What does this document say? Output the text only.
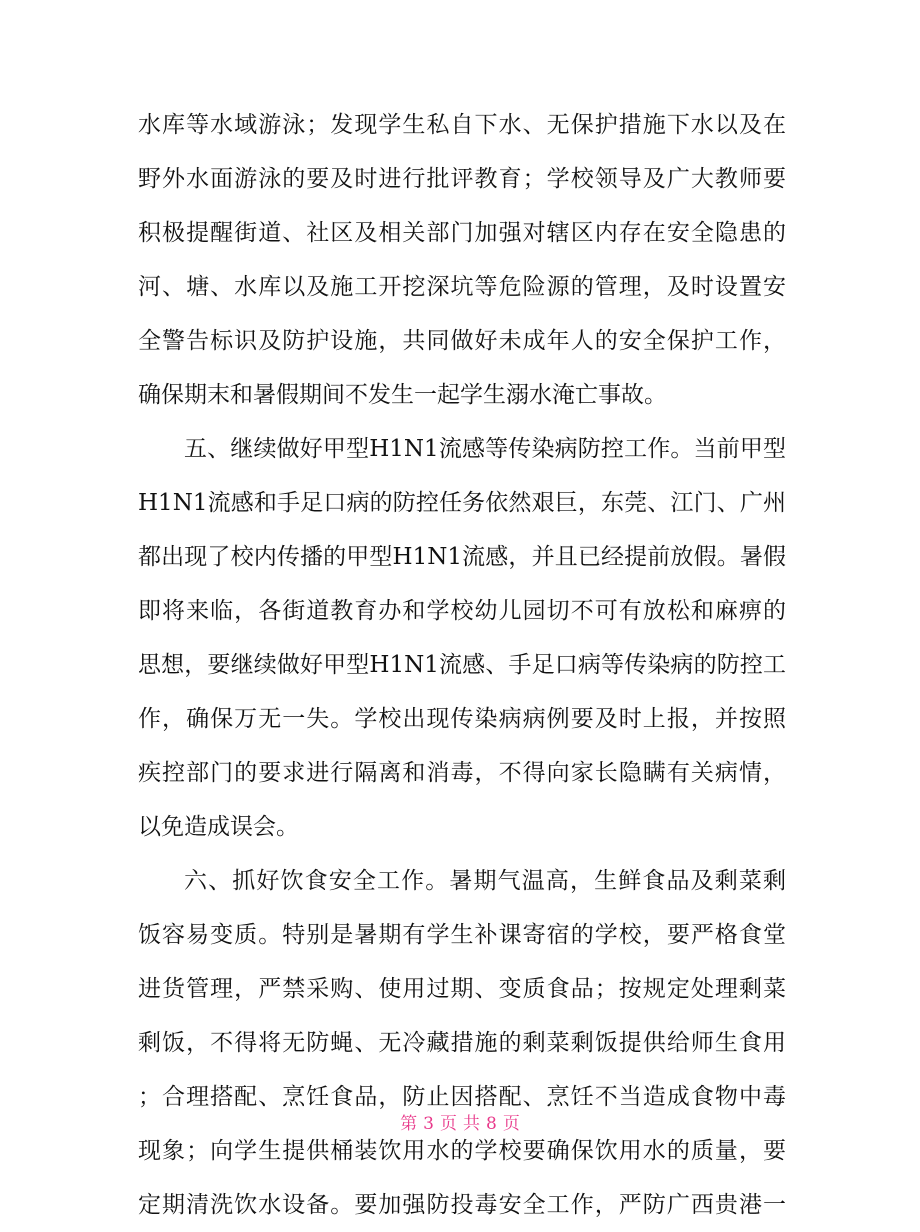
水库等水域游泳；发现学生私自下水、无保护措施下水以及在
野外水面游泳的要及时进行批评教育；学校领导及广大教师要
积极提醒街道、社区及相关部门加强对辖区内存在安全隐患的
河、塘、水库以及施工开挖深坑等危险源的管理，及时设置安
全警告标识及防护设施，共同做好未成年人的安全保护工作，
确保期末和暑假期间不发生一起学生溺水淹亡事故。
五、继续做好甲型H1N1流感等传染病防控工作。当前甲型
H1N1流感和手足口病的防控任务依然艰巨，东莞、江门、广州
都出现了校内传播的甲型H1N1流感，并且已经提前放假。暑假
即将来临，各街道教育办和学校幼儿园切不可有放松和麻痹的
思想，要继续做好甲型H1N1流感、手足口病等传染病的防控工
作，确保万无一失。学校出现传染病病例要及时上报，并按照
疾控部门的要求进行隔离和消毒，不得向家长隐瞒有关病情，
以免造成误会。
六、抓好饮食安全工作。暑期气温高，生鲜食品及剩菜剩
饭容易变质。特别是暑期有学生补课寄宿的学校，要严格食堂
进货管理，严禁采购、使用过期、变质食品；按规定处理剩菜
剩饭，不得将无防蝇、无冷藏措施的剩菜剩饭提供给师生食用
；合理搭配、烹饪食品，防止因搭配、烹饪不当造成食物中毒
现象；向学生提供桶装饮用水的学校要确保饮用水的质量，要
定期清洗饮水设备。要加强防投毒安全工作，严防广西贵港一
第 3 页 共 8 页
